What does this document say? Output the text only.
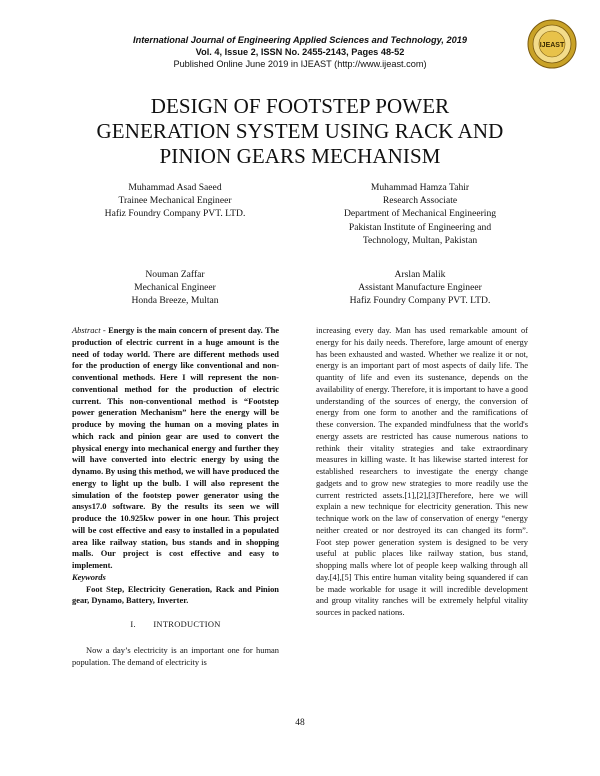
International Journal of Engineering Applied Sciences and Technology, 2019
Vol. 4, Issue 2, ISSN No. 2455-2143, Pages 48-52
Published Online June 2019 in IJEAST (http://www.ijeast.com)
IJEAST
DESIGN OF FOOTSTEP POWER
GENERATION SYSTEM USING RACK AND
PINION GEARS MECHANISM
Muhammad Asad Saeed
Trainee Mechanical Engineer
Hafiz Foundry Company PVT. LTD.
Muhammad Hamza Tahir
Research Associate
Department of Mechanical Engineering
Pakistan Institute of Engineering and
Technology, Multan, Pakistan
Nouman Zaffar
Mechanical Engineer
Honda Breeze, Multan
Arslan Malik
Assistant Manufacture Engineer
Hafiz Foundry Company PVT. LTD.

Abstract - Energy is the main concern of present day. The production of electric current in a huge amount is the need of today world. There are different methods used for the production of energy like conventional and non-conventional methods. Here I will represent the non-conventional method for the production of electric current. This non-conventional method is “Footstep power generation Mechanism” here the energy will be produce by moving the human on a moving plates in which rack and pinion gear are used to convert the physical energy into mechanical energy and further they will have converted into electric energy by using the dynamo. By using this method, we will have produced the energy to light up the bulb. I will also represent the simulation of the footstep power generator using the ansys17.0 software. By the results its seen we will produce the 10.925kw power in one hour. This project will be cost effective and easy to installed in a populated area like railway station, bus stands and in shopping malls. Our project is cost effective and easy to implement.

Keywords

Foot Step, Electricity Generation, Rack and Pinion gear, Dynamo, Battery, Inverter.

I.  INTRODUCTION

Now a day’s electricity is an important one for human population. The demand of electricity is

increasing every day. Man has used remarkable amount of energy for his daily needs. Therefore, large amount of energy has been exhausted and wasted. Whether we realize it or not, energy is an important part of most aspects of daily life. The quantity of life and even its sustenance, depends on the availability of energy. Therefore, it is important to have a good understanding of the sources of energy, the conversion of energy from one form to another and the ramifications of these conversion. The expanded mindfulness that the world's energy assets are restricted has cause numerous nations to rethink their vitality strategies and take extraordinary measures in killing waste. It has likewise started interest for established researchers to investigate the energy change gadgets and to grow new strategies to more readily use the current restricted assets.[1],[2],[3]Therefore, here we will explain a new technique for electricity generation. This new technique work on the law of conservation of energy “energy neither created or nor destroyed its can changed its form”. Foot step power generation system is designed to be very useful at public places like railway station, bus stand, shopping malls where lot of people keep walking through all day.[4],[5] This entire human vitality being squandered if can be made workable for usage it will incredible development and group vitality ranches will be extremely helpful vitality sources in packed nations.

48
